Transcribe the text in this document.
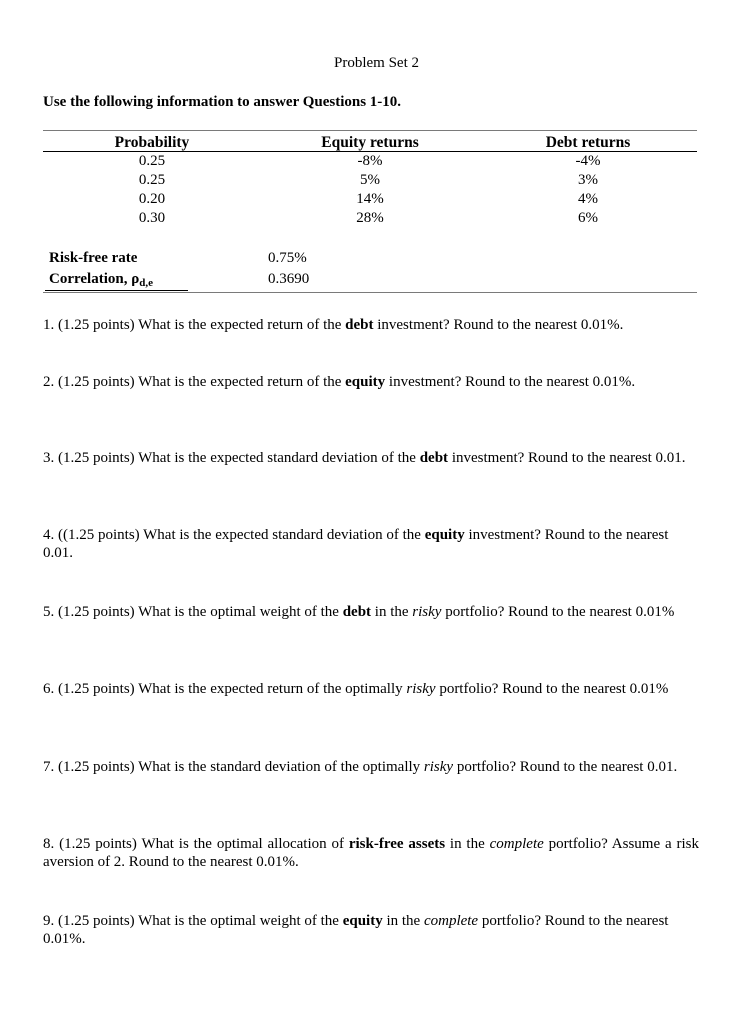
Problem Set 2
Use the following information to answer Questions 1-10.
Probability	Equity returns	Debt returns
0.25	-8%	-4%
0.25	5%	3%
0.20	14%	4%
0.30	28%	6%
Risk-free rate	0.75%
Correlation, $\rho_{d,e}$	0.3690
1. (1.25 points) What is the expected return of the debt investment? Round to the nearest 0.01%.
2. (1.25 points) What is the expected return of the equity investment? Round to the nearest 0.01%.
3. (1.25 points) What is the expected standard deviation of the debt investment? Round to the nearest 0.01.
4. ((1.25 points) What is the expected standard deviation of the equity investment? Round to the nearest 0.01.
5. (1.25 points) What is the optimal weight of the debt in the risky portfolio? Round to the nearest 0.01%
6. (1.25 points) What is the expected return of the optimally risky portfolio? Round to the nearest 0.01%
7. (1.25 points) What is the standard deviation of the optimally risky portfolio? Round to the nearest 0.01.
8. (1.25 points) What is the optimal allocation of risk-free assets in the complete portfolio? Assume a risk aversion of 2. Round to the nearest 0.01%.
9. (1.25 points) What is the optimal weight of the equity in the complete portfolio? Round to the nearest 0.01%.
